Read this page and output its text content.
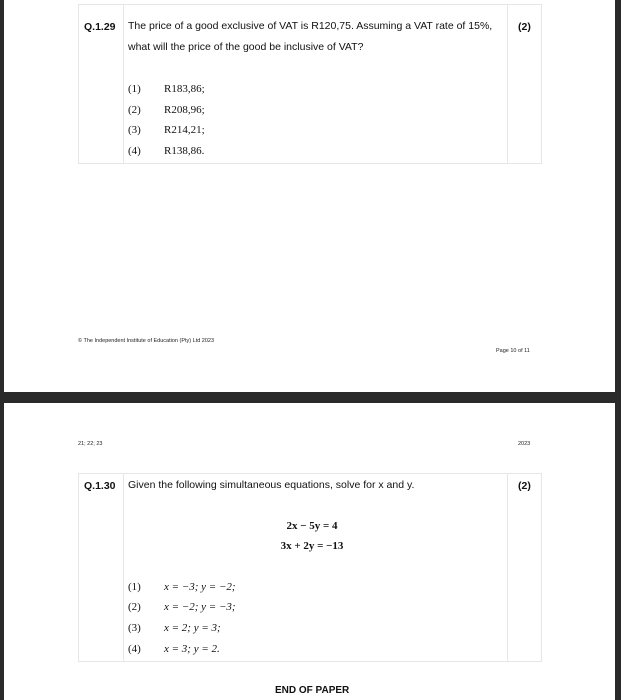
Q.1.29 The price of a good exclusive of VAT is R120,75. Assuming a VAT rate of 15%,
what will the price of the good be inclusive of VAT?
(2)
(1) R183,86;
(2) R208,96;
(3) R214,21;
(4) R138,86.
© The Independent Institute of Education (Pty) Ltd 2023
Page 10 of 11
21; 22; 23	2023
Q.1.30 Given the following simultaneous equations, solve for x and y.	(2)
2x − 5y = 4
3x + 2y = −13
(1) x = −3; y = −2;
(2) x = −2; y = −3;
(3) x = 2; y = 3;
(4) x = 3; y = 2.
END OF PAPER
